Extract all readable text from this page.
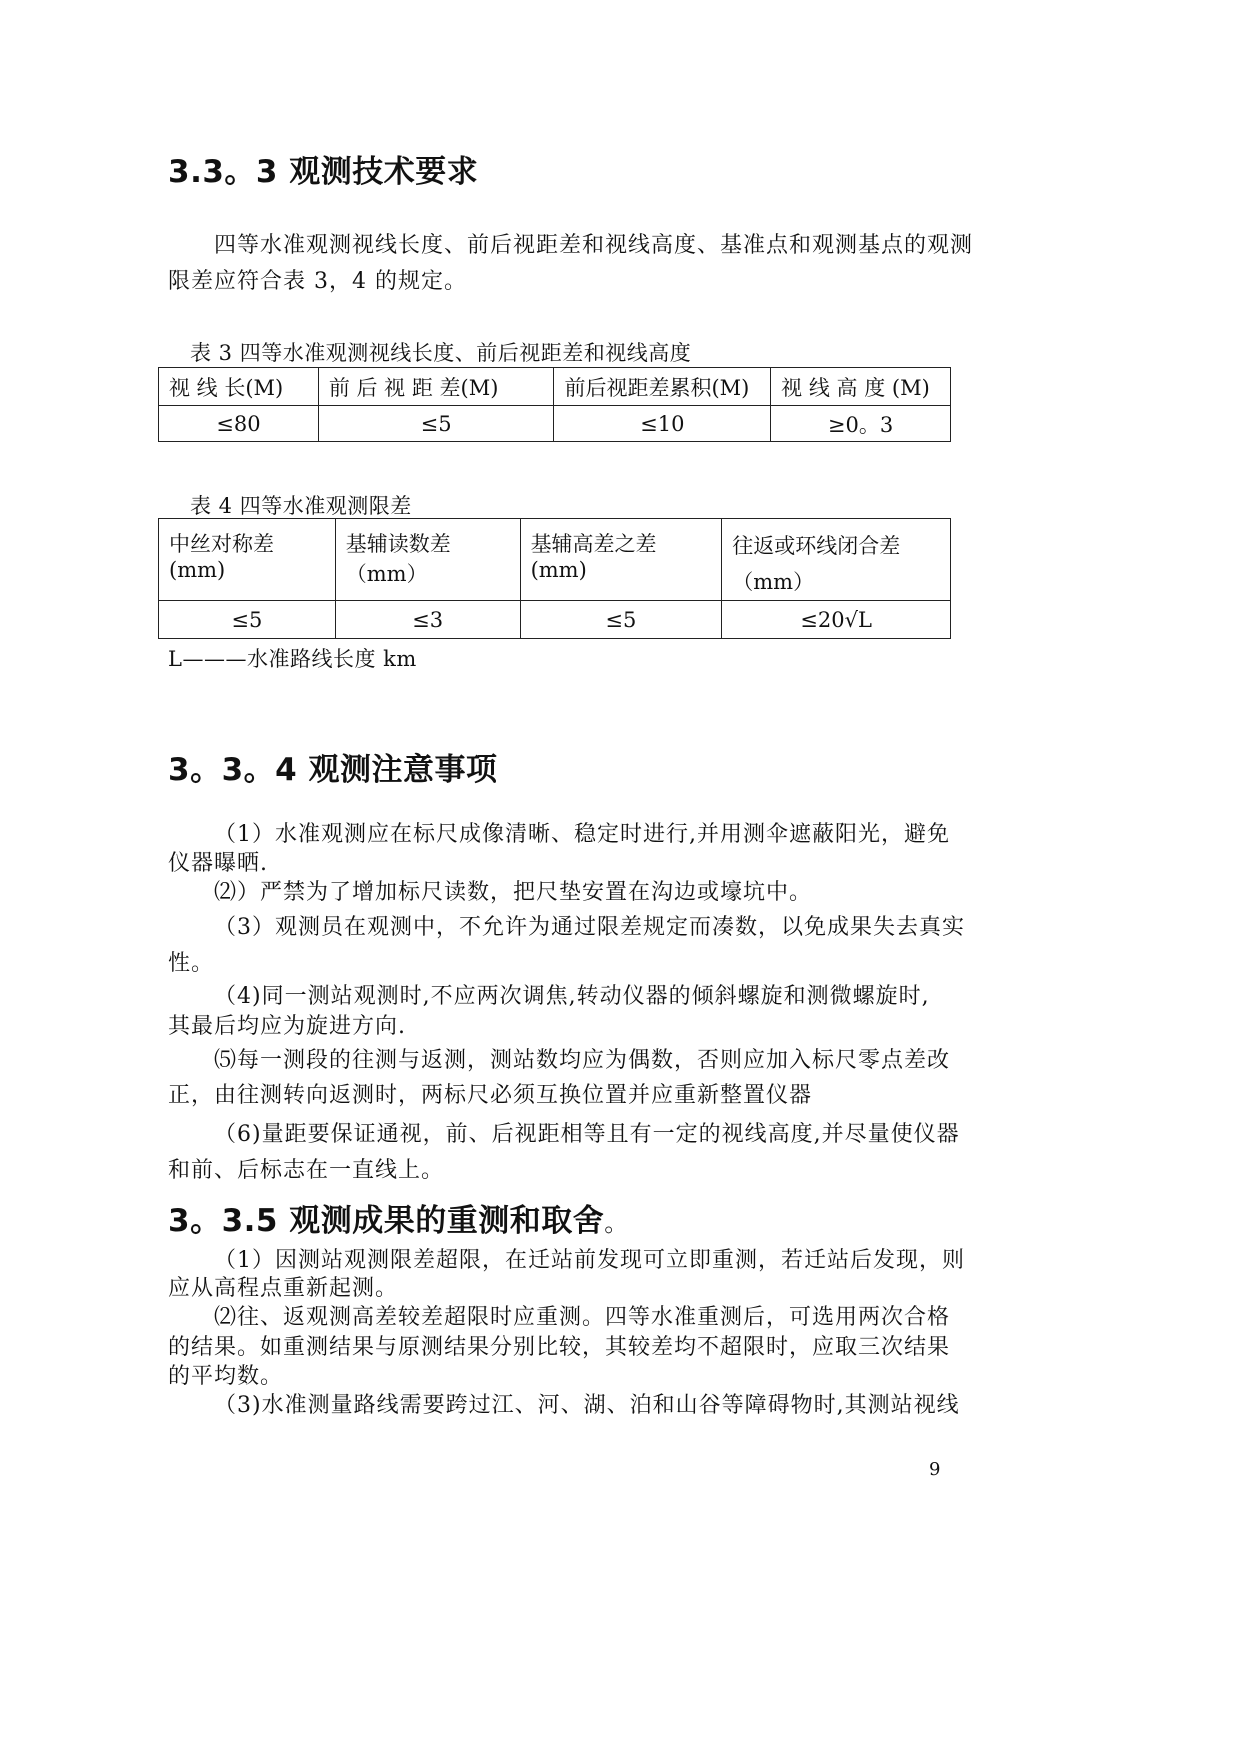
3.3。3 观测技术要求
四等水准观测视线长度、前后视距差和视线高度、基准点和观测基点的观测
限差应符合表 3，4 的规定。
表 3 四等水准观测视线长度、前后视距差和视线高度
视 线 长(M)	前 后 视 距 差(M)	前后视距差累积(M)	视 线 高 度 (M)
≤80	≤5	≤10	≥0。3
表 4 四等水准观测限差
中丝对称差(mm)	基辅读数差（mm）	基辅高差之差(mm)	往返或环线闭合差
（mm）

≤5	≤3	≤5	≤20√L
L———水准路线长度 km
3。3。4 观测注意事项
（1）水准观测应在标尺成像清晰、稳定时进行,并用测伞遮蔽阳光，避免
仪器曝晒.
⑵）严禁为了增加标尺读数，把尺垫安置在沟边或壕坑中。
（3）观测员在观测中，不允许为通过限差规定而凑数，以免成果失去真实
性。
（4)同一测站观测时,不应两次调焦,转动仪器的倾斜螺旋和测微螺旋时,
其最后均应为旋进方向.
⑸每一测段的往测与返测，测站数均应为偶数，否则应加入标尺零点差改
正，由往测转向返测时，两标尺必须互换位置并应重新整置仪器
（6)量距要保证通视，前、后视距相等且有一定的视线高度,并尽量使仪器
和前、后标志在一直线上。
3。3.5 观测成果的重测和取舍。
（1）因测站观测限差超限，在迁站前发现可立即重测，若迁站后发现，则
应从高程点重新起测。
⑵往、返观测高差较差超限时应重测。四等水准重测后，可选用两次合格
的结果。如重测结果与原测结果分别比较，其较差均不超限时，应取三次结果
的平均数。
（3)水准测量路线需要跨过江、河、湖、泊和山谷等障碍物时,其测站视线
9
